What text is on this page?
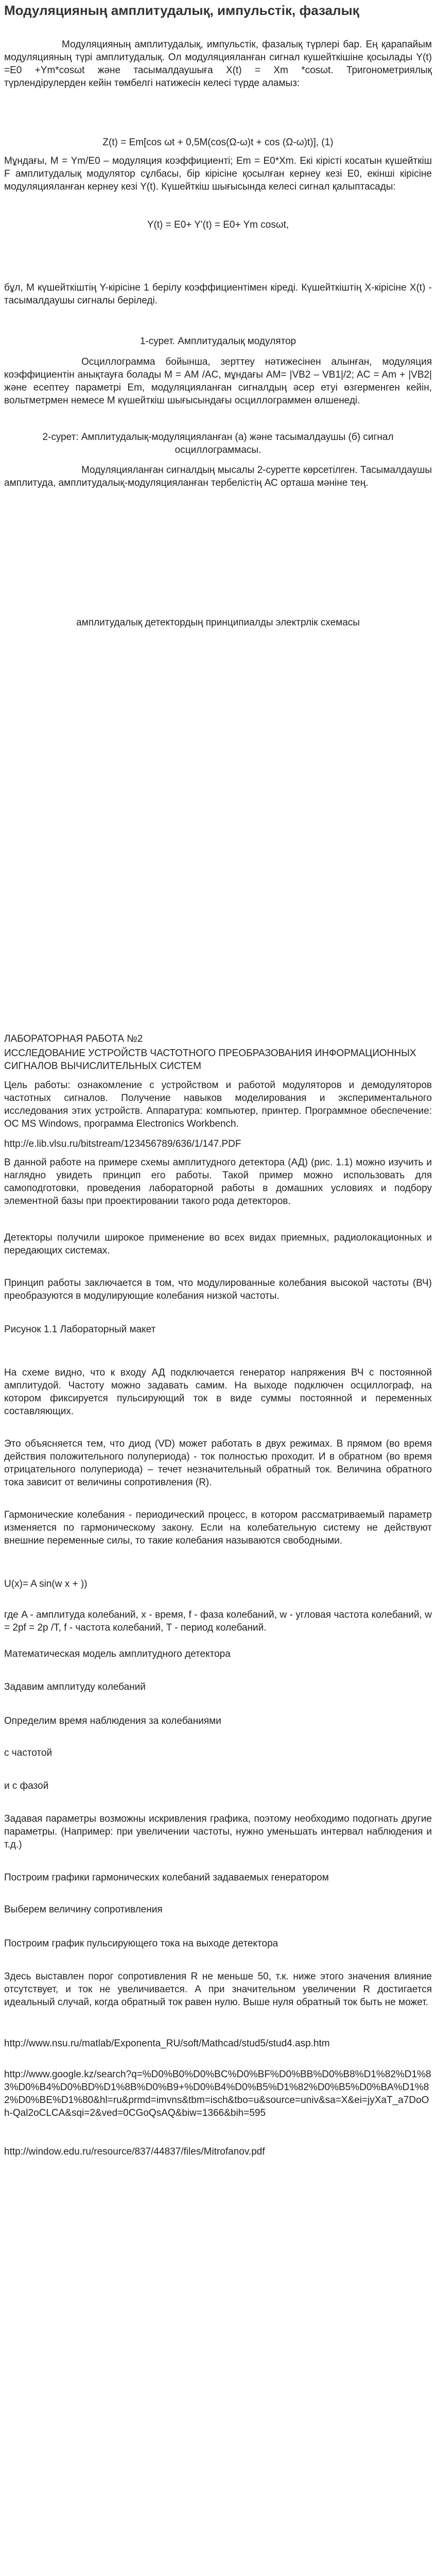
Модуляцияның амплитудалық, импульстік, фазалық

Модуляцияның амплитудалық, импульстік, фазалық түрлері бар. Ең қарапайым модуляцияның түрі амплитудалық. Ол модуляцияланған сигнал кушейткішіне қосылады Y(t) =E0 +Ym*cosωt және тасымалдаушыға X(t) = Xm *cosωt. Тригонометриялық түрлендірулерден кейін төмбелгі натижесін келесі түрде аламыз:

Z(t) = Em[cos ωt + 0,5M(cos(Ω-ω)t + cos (Ω-ω)t)], (1)

Мұндағы, М = Ym/E0 – модуляция коэффициенті; Em = E0*Xm. Екі кірісті косатын күшейткіш F амплитудалық модулятор сұлбасы, бір кірісіне қосылған кернеу кезі E0, екінші кірісіне модуляцияланған кернеу кезі Y(t). Күшейткіш шығысында келесі сигнал қалыптасады:

Y(t) = E0+ Y'(t) = E0+ Ym cosωt,

бұл, М күшейткіштің Y-кірісіне 1 берілу коэффициентімен кіреді. Күшейткіштің X-кірісіне X(t) - тасымалдаушы сигналы беріледі.

1-сурет. Амплитудалық модулятор

Осциллограмма бойынша, зерттеу нәтижесінен алынған, модуляция коэффициентін анықтауға болады М = AM /AC, мұндағы AM= |VB2 – VB1|/2; AC = Am + |VB2| және есептеу параметрі Em, модуляцияланған сигналдың әсер етуі өзгерменген кейін, вольтметрмен немесе М күшейткіш шығысындағы осциллограммен өлшенеді.

2-сурет: Амплитудалық-модуляцияланған (а) және тасымалдаушы (б) сигнал осциллограммасы.

Модуляцияланған сигналдың мысалы 2-суретте көрсетілген. Тасымалдаушы амплитуда, амплитудалық-модуляцияланған тербелістің АС орташа мәніне тең.

амплитудалық детектордың принципиалды электрлік схемасы

ЛАБОРАТОРНАЯ РАБОТА №2

ИССЛЕДОВАНИЕ УСТРОЙСТВ ЧАСТОТНОГО ПРЕОБРАЗОВАНИЯ ИНФОРМАЦИОННЫХ СИГНАЛОВ ВЫЧИСЛИТЕЛЬНЫХ СИСТЕМ

Цель работы: ознакомление с устройством и работой модуляторов и демодуляторов частотных сигналов. Получение навыков моделирования и экспериментального исследования этих устройств. Аппаратура: компьютер, принтер. Программное обеспечение: ОС MS Windows, программа Electronics Workbench.

http://e.lib.vlsu.ru/bitstream/123456789/636/1/147.PDF

В данной работе на примере схемы амплитудного детектора (АД) (рис. 1.1) можно изучить и наглядно увидеть принцип его работы. Такой пример можно использовать для самоподготовки, проведения лабораторной работы в домашних условиях и подбору элементной базы при проектировании такого рода детекторов.

Детекторы получили широкое применение во всех видах приемных, радиолокационных и передающих системах.

Принцип работы заключается в том, что модулированные колебания высокой частоты (ВЧ) преобразуются в модулирующие колебания низкой частоты.

Рисунок 1.1 Лабораторный макет

На схеме видно, что к входу АД подключается генератор напряжения ВЧ с постоянной амплитудой. Частоту можно задавать самим. На выходе подключен осциллограф, на котором фиксируется пульсирующий ток в виде суммы постоянной и переменных составляющих.

Это объясняется тем, что диод (VD) может работать в двух режимах. В прямом (во время действия положительного полупериода) - ток полностью проходит. И в обратном (во время отрицательного полупериода) – течет незначительный обратный ток. Величина обратного тока зависит от величины сопротивления (R).

Гармонические колебания - периодический процесс, в котором рассматриваемый параметр изменяется по гармоническому закону. Если на колебательную систему не действуют внешние переменные силы, то такие колебания называются свободными.

U(x)= A sin(w x + ))

где A - амплитуда колебаний, x - время, f - фаза колебаний, w - угловая частота колебаний, w = 2pf = 2p /T, f - частота колебаний, T - период колебаний.

Математическая модель амплитудного детектора

Задавим амплитуду колебаний

Определим время наблюдения за колебаниями

с частотой

и с фазой

Задавая параметры возможны искривления графика, поэтому необходимо подогнать другие параметры. (Например: при увеличении частоты, нужно уменьшать интервал наблюдения и т.д.)

Построим графики гармонических колебаний задаваемых генератором

Выберем величину сопротивления

Построим график пульсирующего тока на выходе детектора

Здесь выставлен порог сопротивления R не меньше 50, т.к. ниже этого значения влияние отсутствует, и ток не увеличивается. А при значительном увеличении R достигается идеальный случай, когда обратный ток равен нулю. Выше нуля обратный ток быть не может.

http://www.nsu.ru/matlab/Exponenta_RU/soft/Mathcad/stud5/stud4.asp.htm
http://www.google.kz/search?q=%D0%B0%D0%BC%D0%BF%D0%BB%D0%B8%D1%82%D1%83%D0%B4%D0%BD%D1%8B%D0%B9+%D0%B4%D0%B5%D1%82%D0%B5%D0%BA%D1%82%D0%BE%D1%80&hl=ru&prmd=imvns&tbm=isch&tbo=u&source=univ&sa=X&ei=jyXaT_a7DoOh-Qal2oCLCA&sqi=2&ved=0CGoQsAQ&biw=1366&bih=595
http://window.edu.ru/resource/837/44837/files/Mitrofanov.pdf
